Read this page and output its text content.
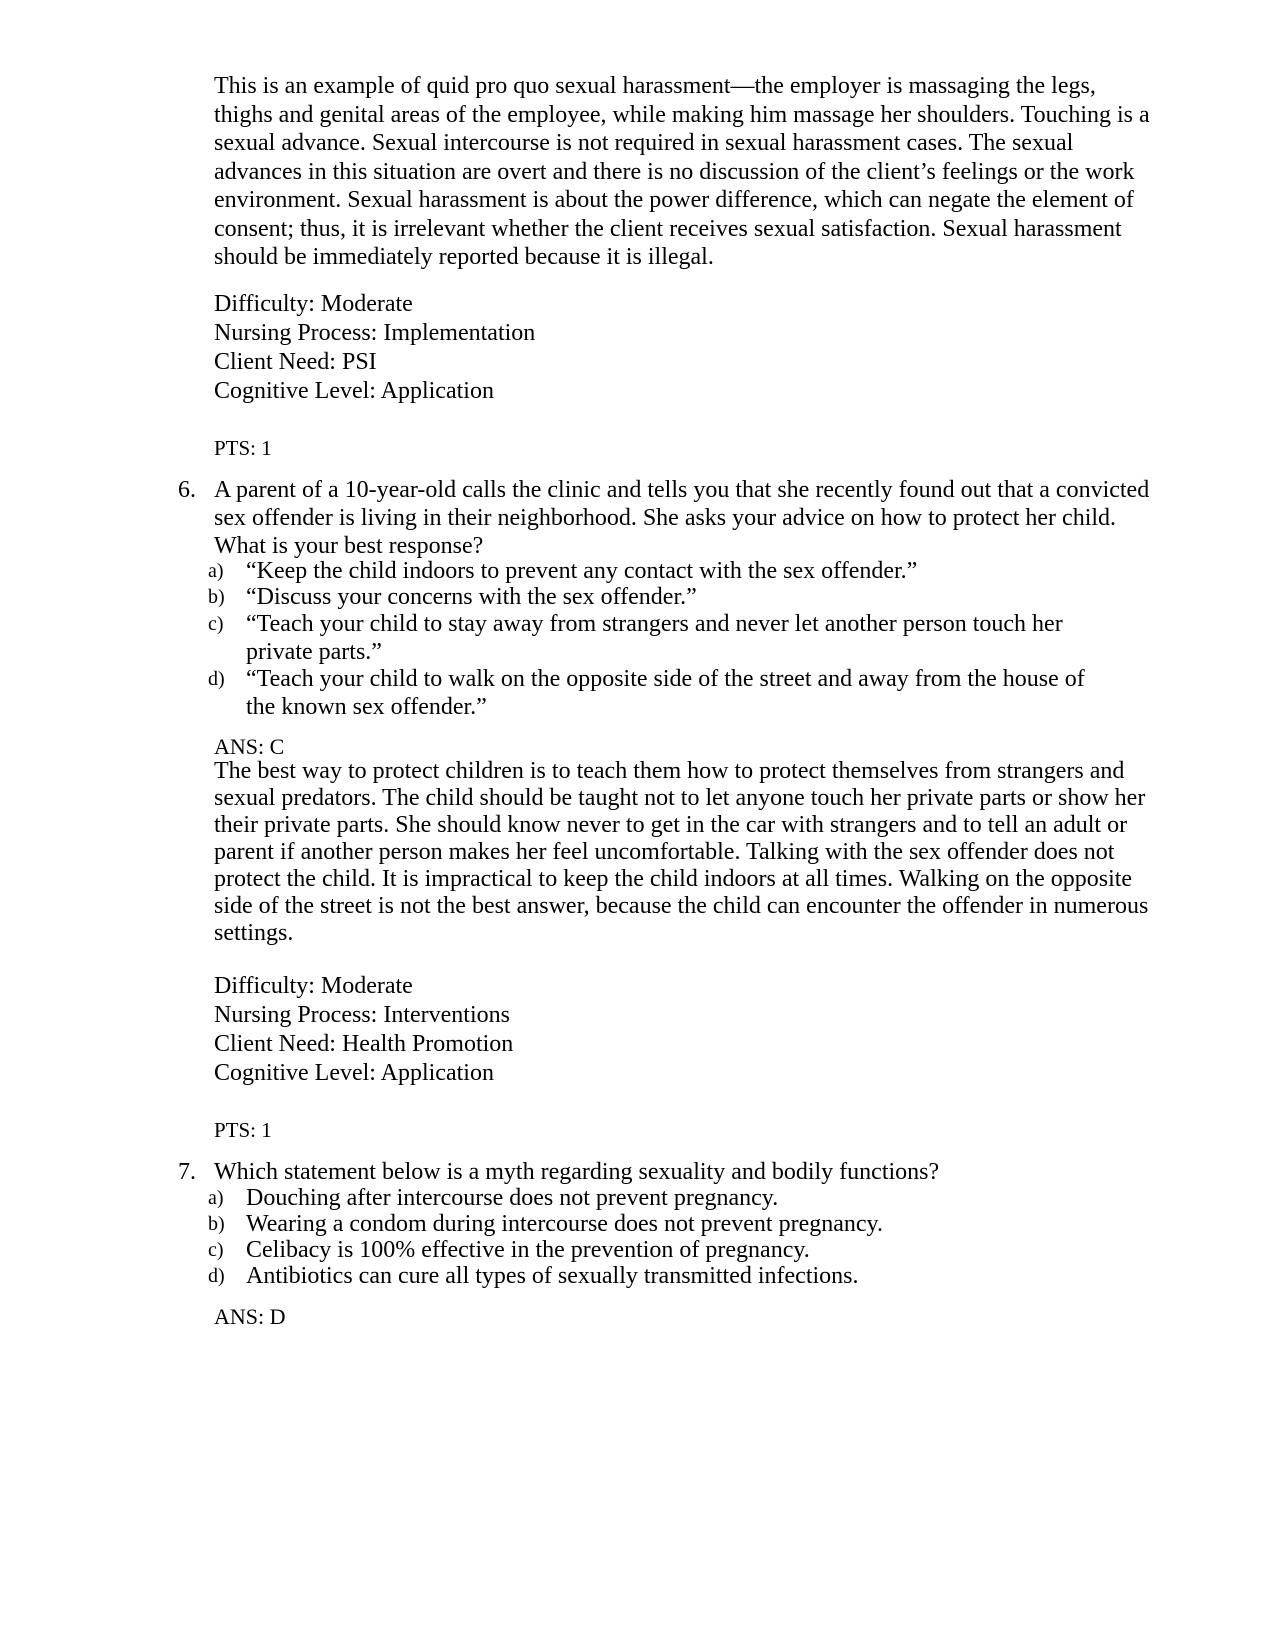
This is an example of quid pro quo sexual harassment—the employer is massaging the legs, thighs and genital areas of the employee, while making him massage her shoulders. Touching is a sexual advance. Sexual intercourse is not required in sexual harassment cases. The sexual advances in this situation are overt and there is no discussion of the client’s feelings or the work environment. Sexual harassment is about the power difference, which can negate the element of consent; thus, it is irrelevant whether the client receives sexual satisfaction. Sexual harassment should be immediately reported because it is illegal.

Difficulty: Moderate

Nursing Process: Implementation

Client Need: PSI

Cognitive Level: Application

PTS: 1
6. A parent of a 10-year-old calls the clinic and tells you that she recently found out that a convicted sex offender is living in their neighborhood. She asks your advice on how to protect her child. What is your best response?
a) “Keep the child indoors to prevent any contact with the sex offender.”
b) “Discuss your concerns with the sex offender.”
c) “Teach your child to stay away from strangers and never let another person touch her private parts.”
d) “Teach your child to walk on the opposite side of the street and away from the house of the known sex offender.”
ANS: C

The best way to protect children is to teach them how to protect themselves from strangers and sexual predators. The child should be taught not to let anyone touch her private parts or show her their private parts. She should know never to get in the car with strangers and to tell an adult or parent if another person makes her feel uncomfortable. Talking with the sex offender does not protect the child. It is impractical to keep the child indoors at all times. Walking on the opposite side of the street is not the best answer, because the child can encounter the offender in numerous settings.

Difficulty: Moderate

Nursing Process: Interventions

Client Need: Health Promotion

Cognitive Level: Application

PTS: 1
7. Which statement below is a myth regarding sexuality and bodily functions?
a) Douching after intercourse does not prevent pregnancy.
b) Wearing a condom during intercourse does not prevent pregnancy.
c) Celibacy is 100% effective in the prevention of pregnancy.
d) Antibiotics can cure all types of sexually transmitted infections.
ANS: D
